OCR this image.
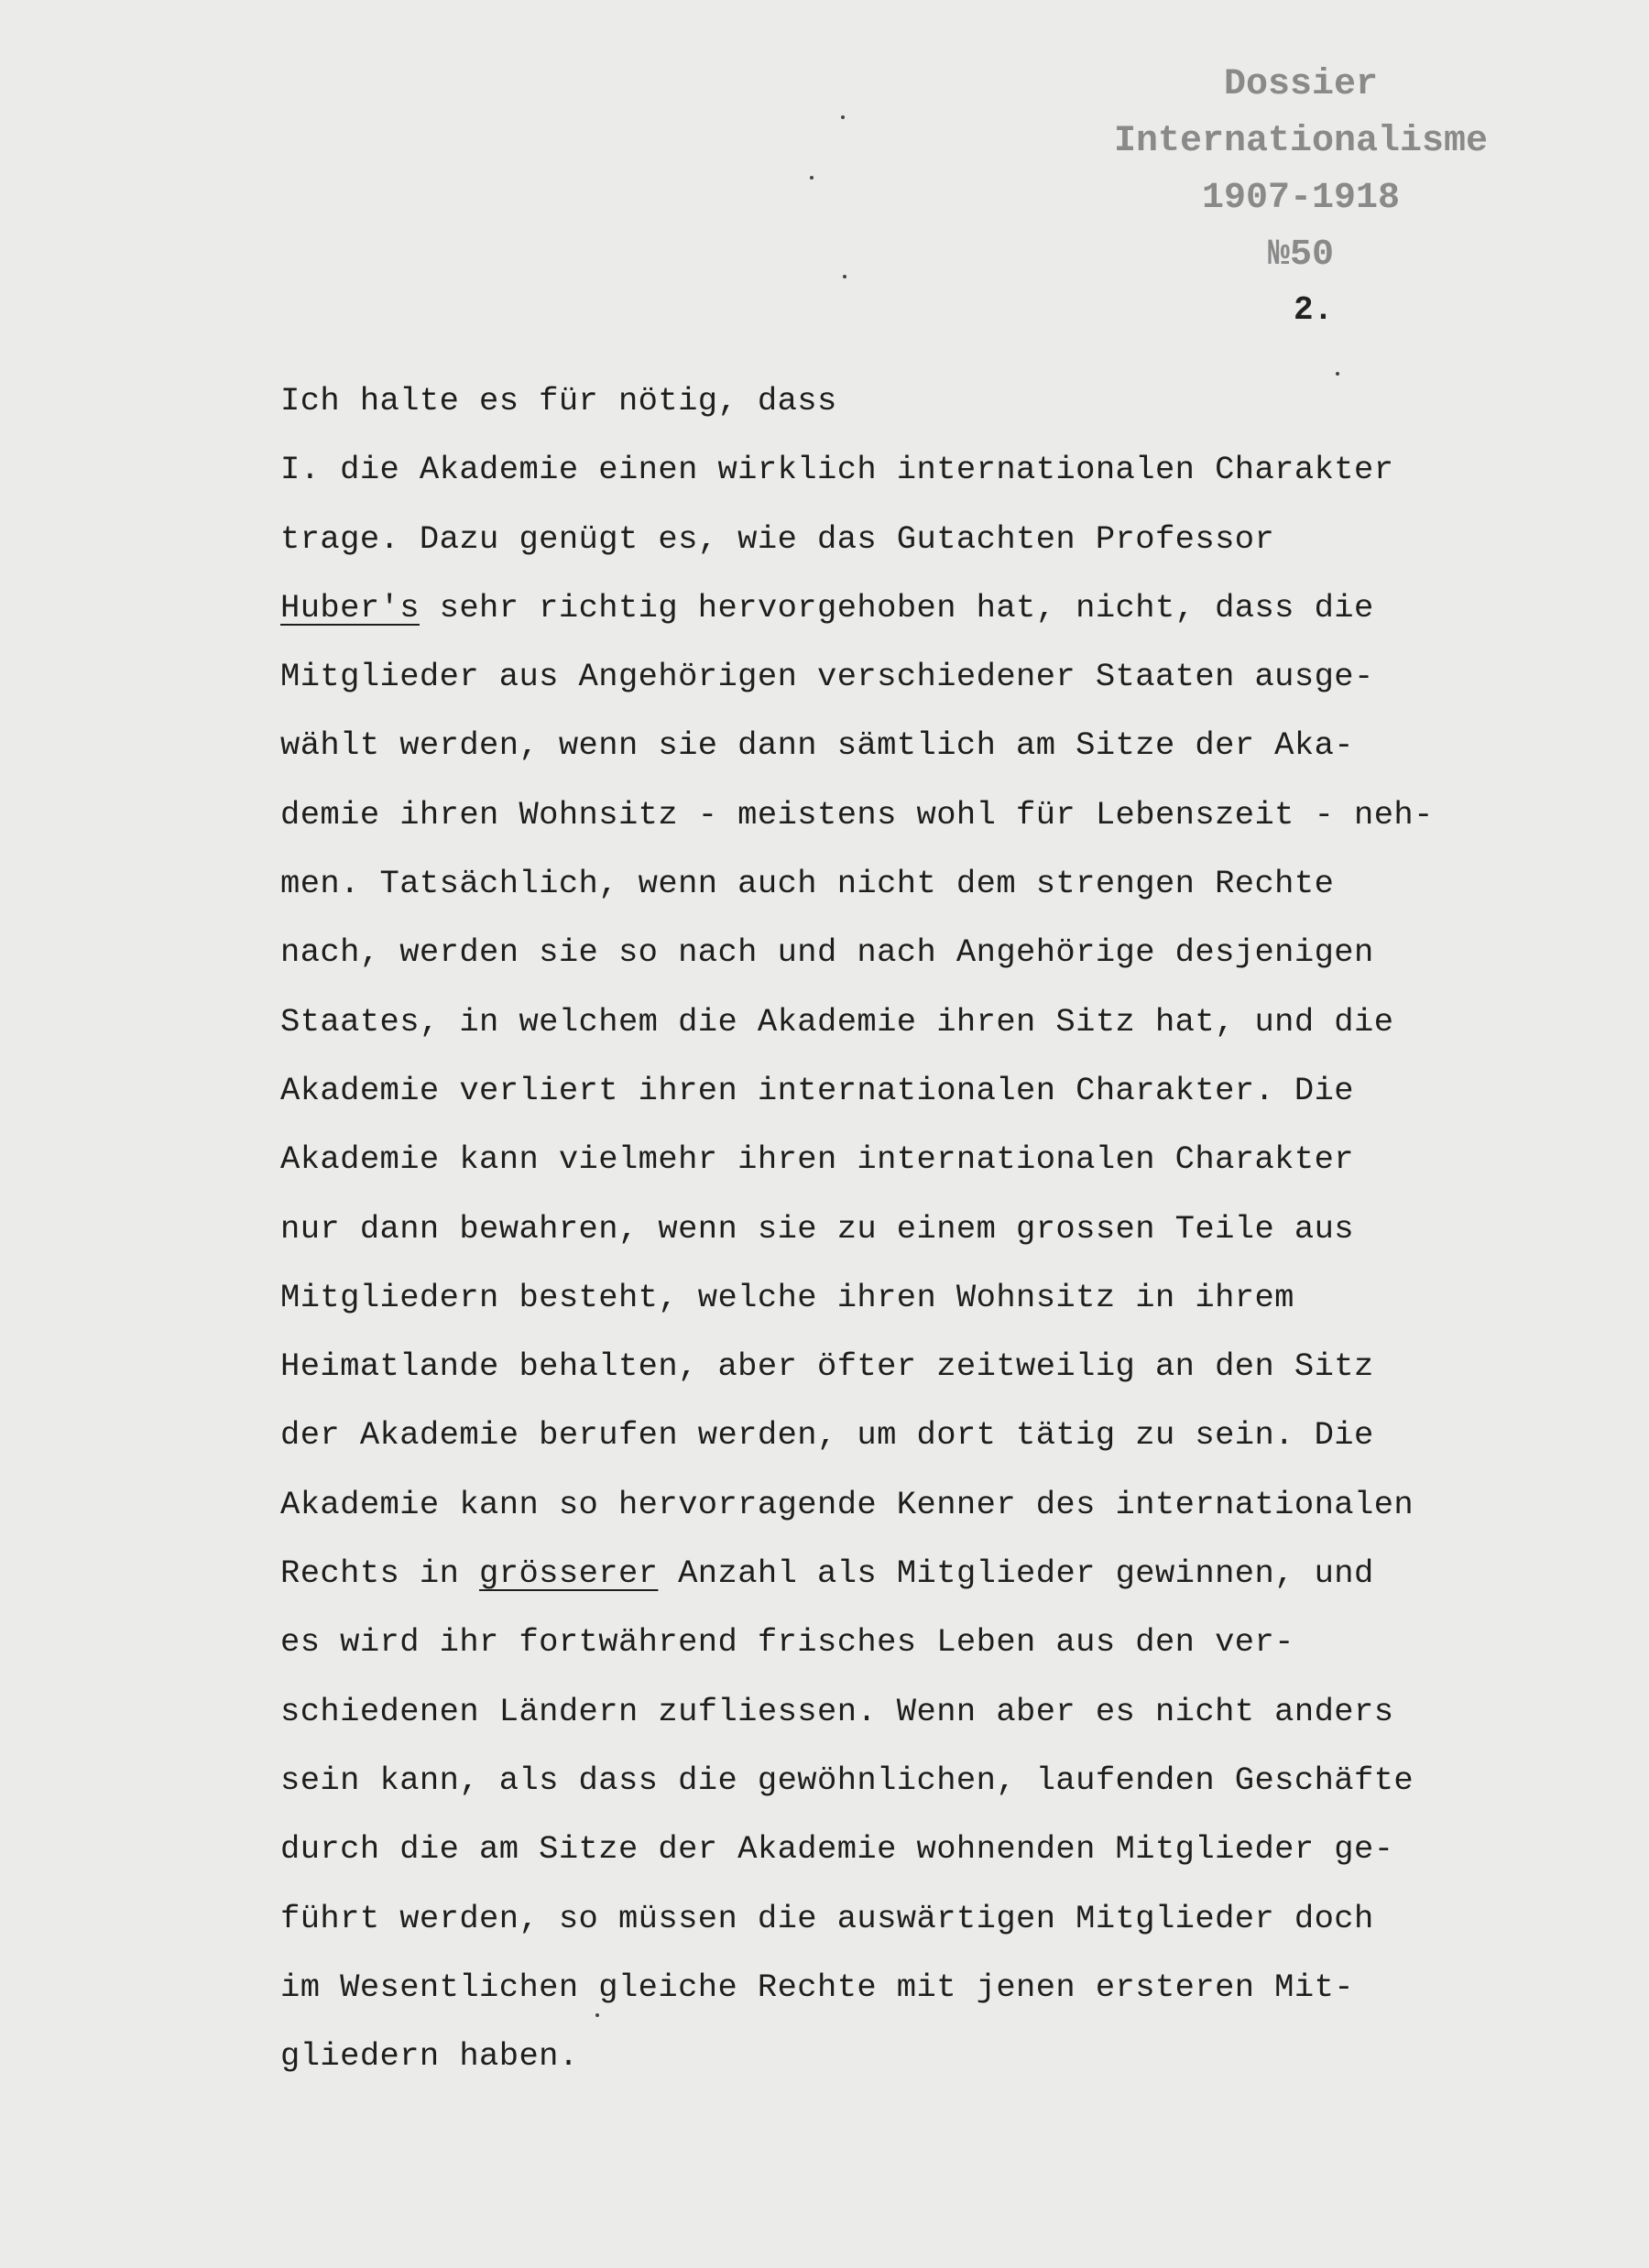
Dossier
Internationalisme
1907-1918
№50
2.
Ich halte es für nötig, dass
I. die Akademie einen wirklich internationalen Charakter
trage. Dazu genügt es, wie das Gutachten Professor
Huber's sehr richtig hervorgehoben hat, nicht, dass die
Mitglieder aus Angehörigen verschiedener Staaten ausge-
wählt werden, wenn sie dann sämtlich am Sitze der Aka-
demie ihren Wohnsitz - meistens wohl für Lebenszeit - neh-
men. Tatsächlich, wenn auch nicht dem strengen Rechte
nach, werden sie so nach und nach Angehörige desjenigen
Staates, in welchem die Akademie ihren Sitz hat, und die
Akademie verliert ihren internationalen Charakter. Die
Akademie kann vielmehr ihren internationalen Charakter
nur dann bewahren, wenn sie zu einem grossen Teile aus
Mitgliedern besteht, welche ihren Wohnsitz in ihrem
Heimatlande behalten, aber öfter zeitweilig an den Sitz
der Akademie berufen werden, um dort tätig zu sein. Die
Akademie kann so hervorragende Kenner des internationalen
Rechts in grösserer Anzahl als Mitglieder gewinnen, und
es wird ihr fortwährend frisches Leben aus den ver-
schiedenen Ländern zufliessen. Wenn aber es nicht anders
sein kann, als dass die gewöhnlichen, laufenden Geschäfte
durch die am Sitze der Akademie wohnenden Mitglieder ge-
führt werden, so müssen die auswärtigen Mitglieder doch
im Wesentlichen gleiche Rechte mit jenen ersteren Mit-
gliedern haben.
